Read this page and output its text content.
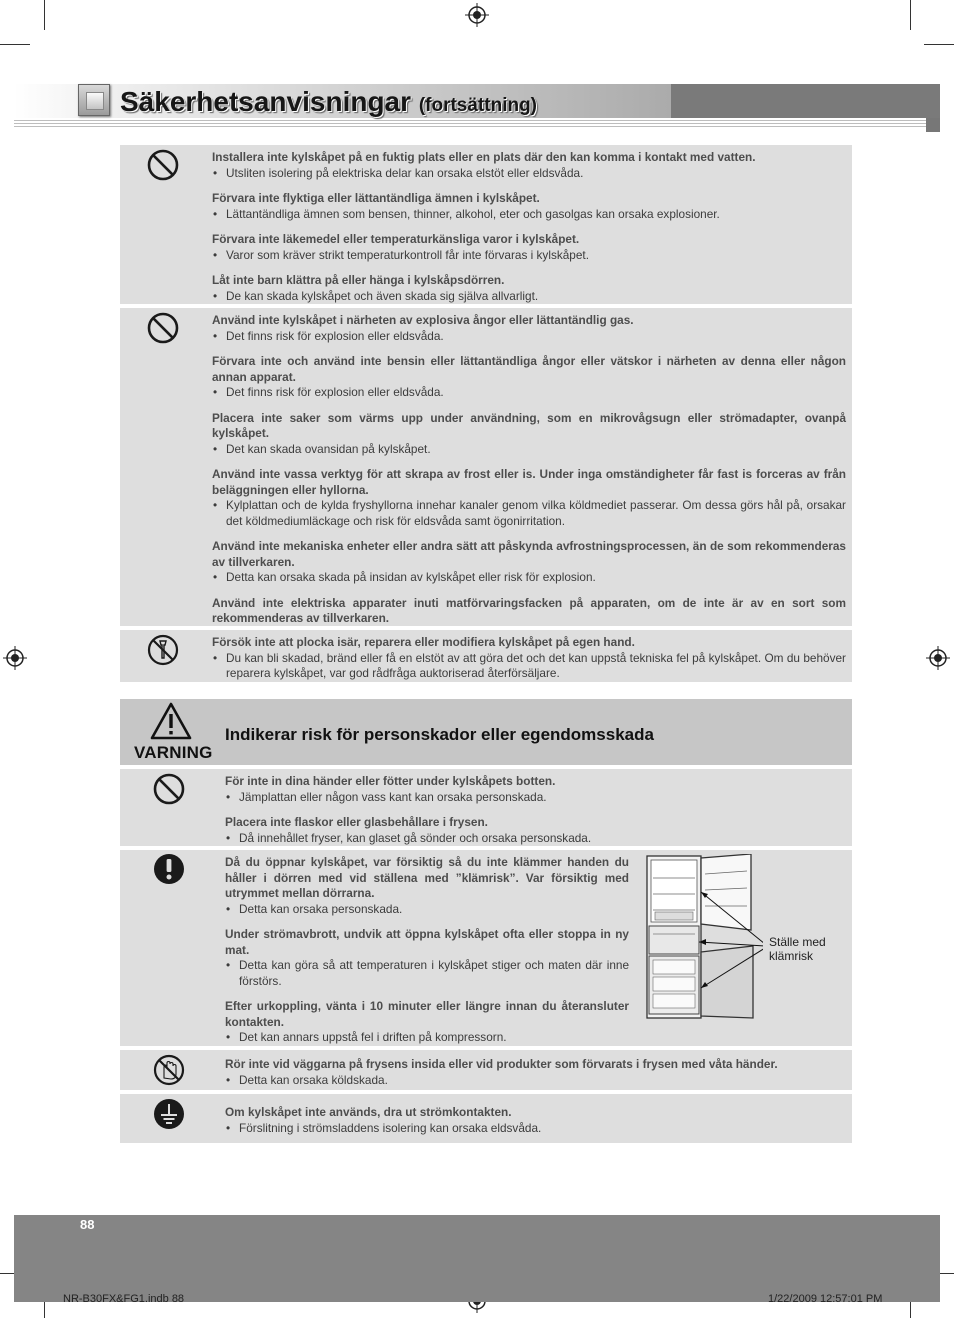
Säkerhetsanvisningar (fortsättning)
Installera inte kylskåpet på en fuktig plats eller en plats där den kan komma i kontakt med vatten.
• Utsliten isolering på elektriska delar kan orsaka elstöt eller eldsvåda.
Förvara inte flyktiga eller lättantändliga ämnen i kylskåpet.
• Lättantändliga ämnen som bensen, thinner, alkohol, eter och gasolgas kan orsaka explosioner.
Förvara inte läkemedel eller temperaturkänsliga varor i kylskåpet.
• Varor som kräver strikt temperaturkontroll får inte förvaras i kylskåpet.
Låt inte barn klättra på eller hänga i kylskåpsdörren.
• De kan skada kylskåpet och även skada sig själva allvarligt.
Använd inte kylskåpet i närheten av explosiva ångor eller lättantändlig gas.
• Det finns risk för explosion eller eldsvåda.
Förvara inte och använd inte bensin eller lättantändliga ångor eller vätskor i närheten av denna eller någon annan apparat.
• Det finns risk för explosion eller eldsvåda.
Placera inte saker som värms upp under användning, som en mikrovågsugn eller strömadapter, ovanpå kylskåpet.
• Det kan skada ovansidan på kylskåpet.
Använd inte vassa verktyg för att skrapa av frost eller is. Under inga omständigheter får fast is forceras av från beläggningen eller hyllorna.
• Kylplattan och de kylda fryshyllorna innehar kanaler genom vilka köldmediet passerar. Om dessa görs hål på, orsakar det köldmediumläckage och risk för eldsvåda samt ögonirritation.
Använd inte mekaniska enheter eller andra sätt att påskynda avfrostningsprocessen, än de som rekommenderas av tillverkaren.
• Detta kan orsaka skada på insidan av kylskåpet eller risk för explosion.
Använd inte elektriska apparater inuti matförvaringsfacken på apparaten, om de inte är av en sort som rekommenderas av tillverkaren.
Försök inte att plocka isär, reparera eller modifiera kylskåpet på egen hand.
• Du kan bli skadad, bränd eller få en elstöt av att göra det och det kan uppstå tekniska fel på kylskåpet. Om du behöver reparera kylskåpet, var god rådfråga auktoriserad återförsäljare.
VARNING
Indikerar risk för personskador eller egendomsskada
För inte in dina händer eller fötter under kylskåpets botten.
• Jämplattan eller någon vass kant kan orsaka personskada.
Placera inte flaskor eller glasbehållare i frysen.
• Då innehållet fryser, kan glaset gå sönder och orsaka personskada.
Då du öppnar kylskåpet, var försiktig så du inte klämmer handen du håller i dörren med vid ställena med ”klämrisk”. Var försiktig med utrymmet mellan dörrarna.
• Detta kan orsaka personskada.
Under strömavbrott, undvik att öppna kylskåpet ofta eller stoppa in ny mat.
• Detta kan göra så att temperaturen i kylskåpet stiger och maten där inne förstörs.
Efter urkoppling, vänta i 10 minuter eller längre innan du återansluter kontakten.
• Det kan annars uppstå fel i driften på kompressorn.
Ställe med klämrisk
Rör inte vid väggarna på frysens insida eller vid produkter som förvarats i frysen med våta händer.
• Detta kan orsaka köldskada.
Om kylskåpet inte används, dra ut strömkontakten.
• Förslitning i strömsladdens isolering kan orsaka eldsvåda.
88
NR-B30FX&FG1.indb 88	1/22/2009 12:57:01 PM
